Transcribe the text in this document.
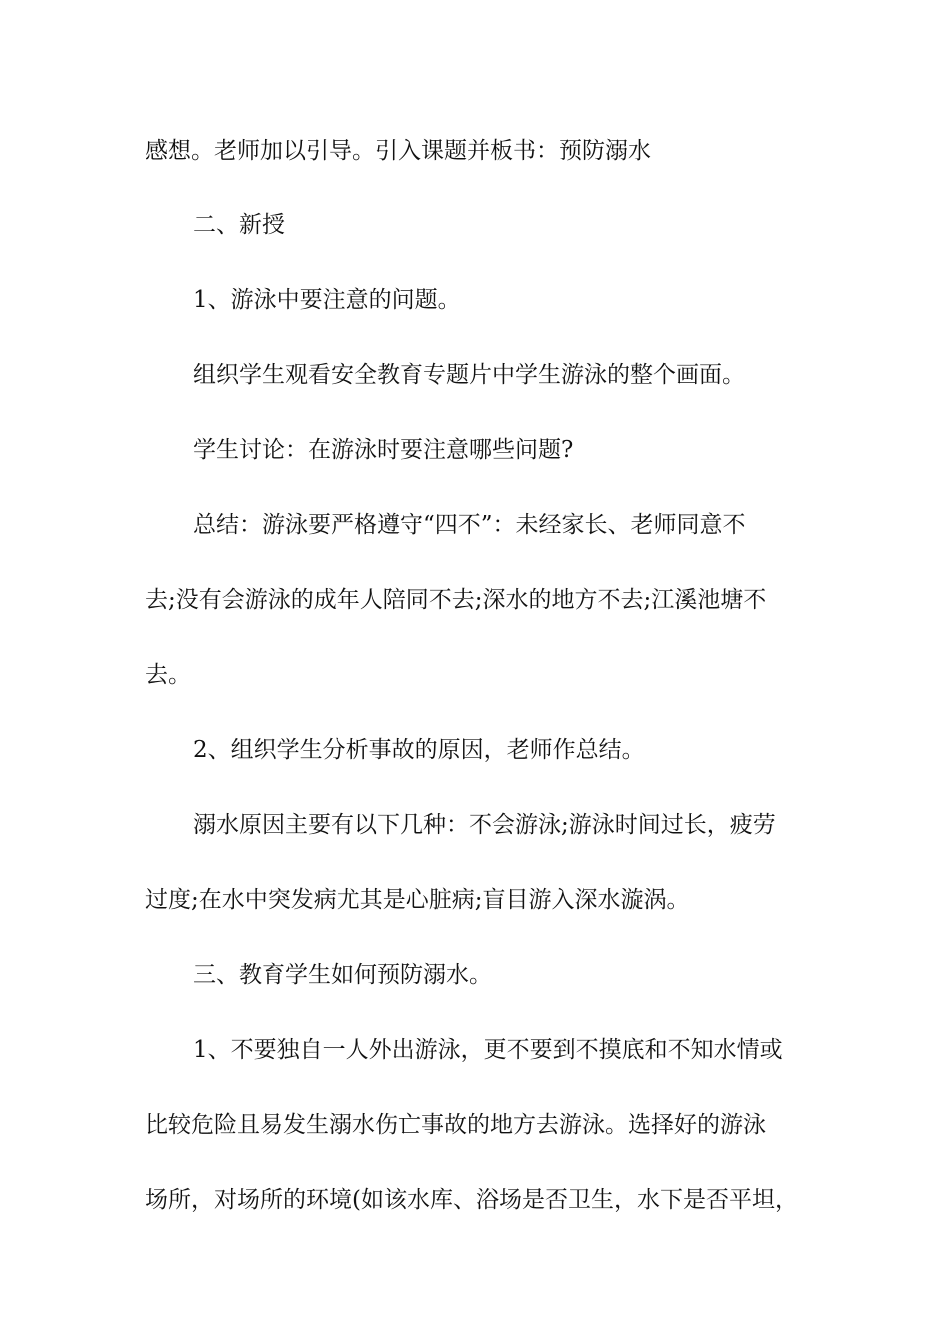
感想。老师加以引导。引入课题并板书：预防溺水
二、新授
1、游泳中要注意的问题。
组织学生观看安全教育专题片中学生游泳的整个画面。
学生讨论：在游泳时要注意哪些问题?
总结：游泳要严格遵守“四不”：未经家长、老师同意不
去;没有会游泳的成年人陪同不去;深水的地方不去;江溪池塘不
去。
2、组织学生分析事故的原因，老师作总结。
溺水原因主要有以下几种：不会游泳;游泳时间过长，疲劳
过度;在水中突发病尤其是心脏病;盲目游入深水漩涡。
三、教育学生如何预防溺水。
1、不要独自一人外出游泳，更不要到不摸底和不知水情或
比较危险且易发生溺水伤亡事故的地方去游泳。选择好的游泳
场所，对场所的环境(如该水库、浴场是否卫生，水下是否平坦，
